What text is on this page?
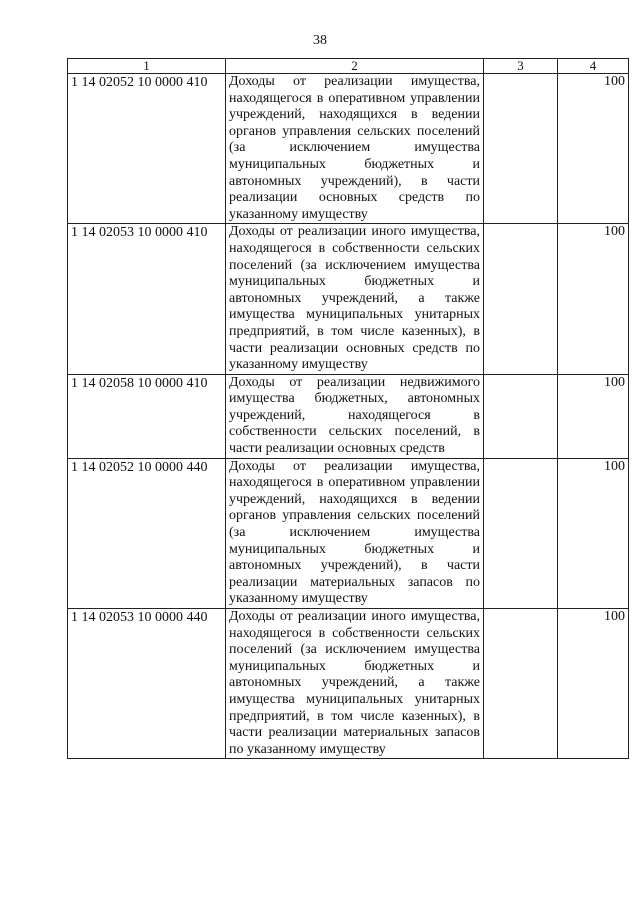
38
1	2	3	4
1 14 02052 10 0000 410	Доходы от реализации имущества, находящегося в оперативном управлении учреждений, находящихся в ведении органов управления сельских поселений (за исключением имущества муниципальных бюджетных и автономных учреждений), в части реализации основных средств по указанному имуществу		100
1 14 02053 10 0000 410	Доходы от реализации иного имущества, находящегося в собственности сельских поселений (за исключением имущества муниципальных бюджетных и автономных учреждений, а также имущества муниципальных унитарных предприятий, в том числе казенных), в части реализации основных средств по указанному имуществу		100
1 14 02058 10 0000 410	Доходы от реализации недвижимого имущества бюджетных, автономных учреждений, находящегося в собственности сельских поселений, в части реализации основных средств		100
1 14 02052 10 0000 440	Доходы от реализации имущества, находящегося в оперативном управлении учреждений, находящихся в ведении органов управления сельских поселений (за исключением имущества муниципальных бюджетных и автономных учреждений), в части реализации материальных запасов по указанному имуществу		100
1 14 02053 10 0000 440	Доходы от реализации иного имущества, находящегося в собственности сельских поселений (за исключением имущества муниципальных бюджетных и автономных учреждений, а также имущества муниципальных унитарных предприятий, в том числе казенных), в части реализации материальных запасов по указанному имуществу		100
